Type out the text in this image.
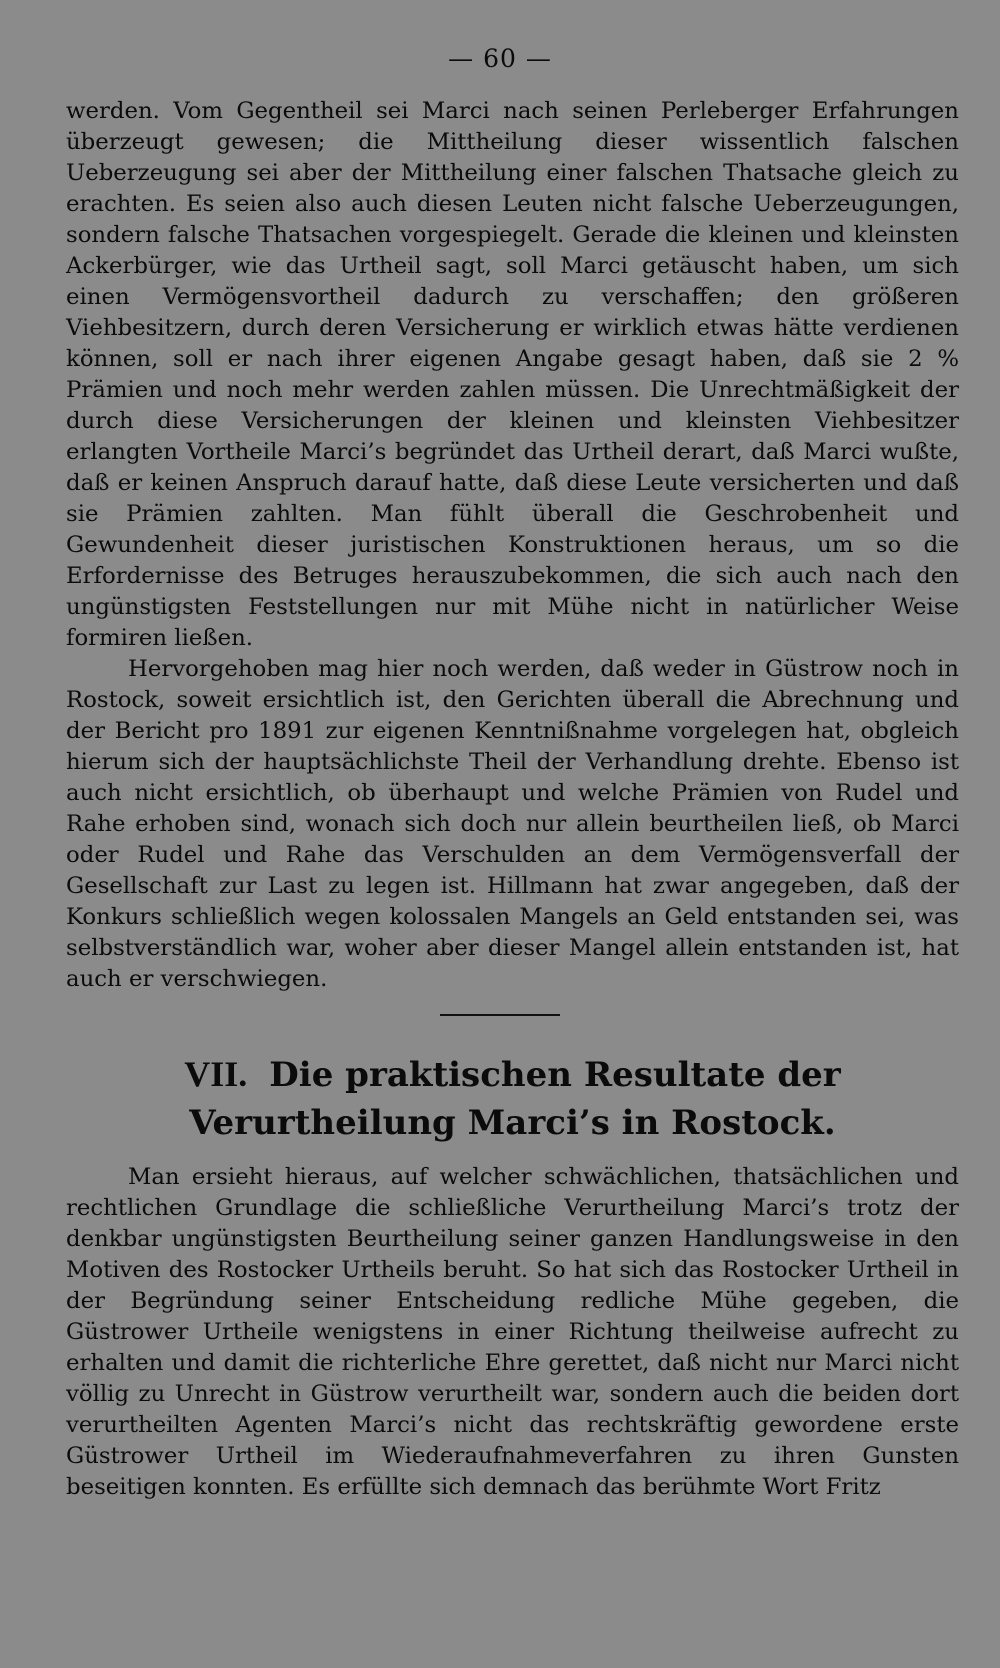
— 60 —

werden. Vom Gegentheil sei Marci nach seinen Perleberger Erfahrungen überzeugt gewesen; die Mittheilung dieser wissentlich falschen Ueberzeugung sei aber der Mittheilung einer falschen Thatsache gleich zu erachten. Es seien also auch diesen Leuten nicht falsche Ueberzeugungen, sondern falsche Thatsachen vorgespiegelt. Gerade die kleinen und kleinsten Ackerbürger, wie das Urtheil sagt, soll Marci getäuscht haben, um sich einen Vermögensvortheil dadurch zu verschaffen; den größeren Viehbesitzern, durch deren Versicherung er wirklich etwas hätte verdienen können, soll er nach ihrer eigenen Angabe gesagt haben, daß sie 2 % Prämien und noch mehr werden zahlen müssen. Die Unrechtmäßigkeit der durch diese Versicherungen der kleinen und kleinsten Viehbesitzer erlangten Vortheile Marci’s begründet das Urtheil derart, daß Marci wußte, daß er keinen Anspruch darauf hatte, daß diese Leute versicherten und daß sie Prämien zahlten. Man fühlt überall die Geschrobenheit und Gewundenheit dieser juristischen Konstruktionen heraus, um so die Erfordernisse des Betruges herauszubekommen, die sich auch nach den ungünstigsten Feststellungen nur mit Mühe nicht in natürlicher Weise formiren ließen.

Hervorgehoben mag hier noch werden, daß weder in Güstrow noch in Rostock, soweit ersichtlich ist, den Gerichten überall die Abrechnung und der Bericht pro 1891 zur eigenen Kenntnißnahme vorgelegen hat, obgleich hierum sich der hauptsächlichste Theil der Verhandlung drehte. Ebenso ist auch nicht ersichtlich, ob überhaupt und welche Prämien von Rudel und Rahe erhoben sind, wonach sich doch nur allein beurtheilen ließ, ob Marci oder Rudel und Rahe das Verschulden an dem Vermögensverfall der Gesellschaft zur Last zu legen ist. Hillmann hat zwar angegeben, daß der Konkurs schließlich wegen kolossalen Mangels an Geld entstanden sei, was selbstverständlich war, woher aber dieser Mangel allein entstanden ist, hat auch er verschwiegen.

VII. Die praktischen Resultate der Verurtheilung Marci’s in Rostock.

Man ersieht hieraus, auf welcher schwächlichen, thatsächlichen und rechtlichen Grundlage die schließliche Verurtheilung Marci’s trotz der denkbar ungünstigsten Beurtheilung seiner ganzen Handlungsweise in den Motiven des Rostocker Urtheils beruht. So hat sich das Rostocker Urtheil in der Begründung seiner Entscheidung redliche Mühe gegeben, die Güstrower Urtheile wenigstens in einer Richtung theilweise aufrecht zu erhalten und damit die richterliche Ehre gerettet, daß nicht nur Marci nicht völlig zu Unrecht in Güstrow verurtheilt war, sondern auch die beiden dort verurtheilten Agenten Marci’s nicht das rechtskräftig gewordene erste Güstrower Urtheil im Wiederaufnahmeverfahren zu ihren Gunsten beseitigen konnten. Es erfüllte sich demnach das berühmte Wort Fritz
